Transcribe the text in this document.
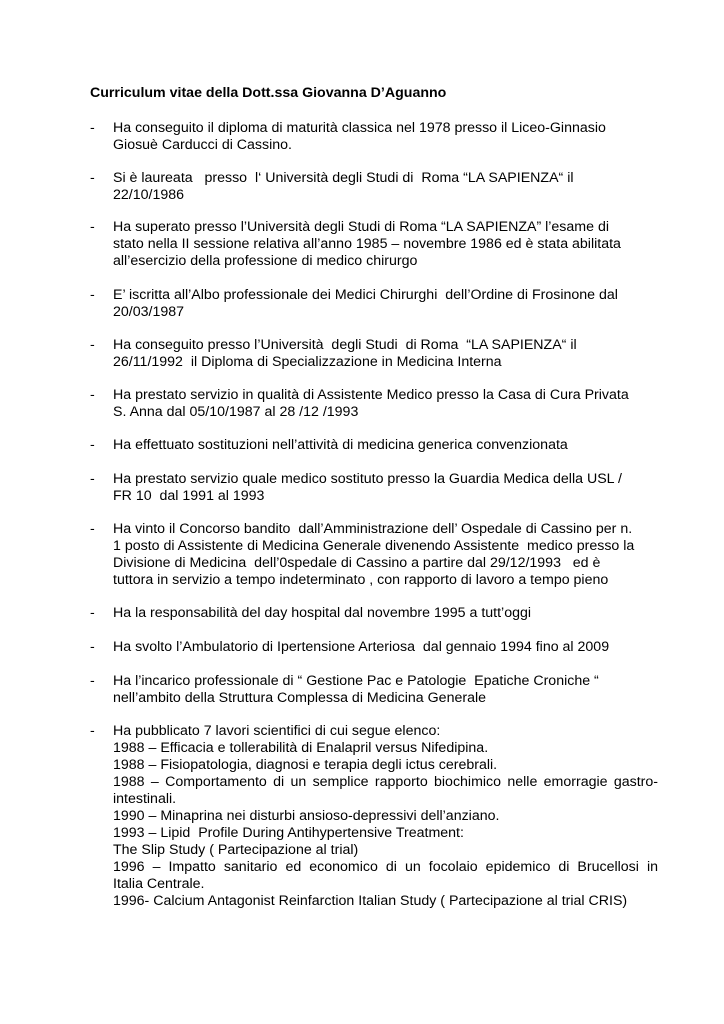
Curriculum vitae della Dott.ssa Giovanna D’Aguanno
- Ha conseguito il diploma di maturità classica nel 1978 presso il Liceo-Ginnasio
Giosuè Carducci di Cassino.
- Si è laureata   presso  l‘ Università degli Studi di  Roma “LA SAPIENZA“ il
22/10/1986
- Ha superato presso l’Università degli Studi di Roma “LA SAPIENZA” l’esame di
stato nella II sessione relativa all’anno 1985 – novembre 1986 ed è stata abilitata
all’esercizio della professione di medico chirurgo
- E’ iscritta all’Albo professionale dei Medici Chirurghi  dell’Ordine di Frosinone dal
20/03/1987
- Ha conseguito presso l’Università  degli Studi  di Roma  “LA SAPIENZA“ il
26/11/1992  il Diploma di Specializzazione in Medicina Interna
- Ha prestato servizio in qualità di Assistente Medico presso la Casa di Cura Privata
S. Anna dal 05/10/1987 al 28 /12 /1993
- Ha effettuato sostituzioni nell’attività di medicina generica convenzionata
- Ha prestato servizio quale medico sostituto presso la Guardia Medica della USL /
FR 10  dal 1991 al 1993
- Ha vinto il Concorso bandito  dall’Amministrazione dell’ Ospedale di Cassino per n.
1 posto di Assistente di Medicina Generale divenendo Assistente  medico presso la
Divisione di Medicina  dell’0spedale di Cassino a partire dal 29/12/1993   ed è
tuttora in servizio a tempo indeterminato , con rapporto di lavoro a tempo pieno
- Ha la responsabilità del day hospital dal novembre 1995 a tutt’oggi
- Ha svolto l’Ambulatorio di Ipertensione Arteriosa  dal gennaio 1994 fino al 2009
- Ha l’incarico professionale di “ Gestione Pac e Patologie  Epatiche Croniche “
nell’ambito della Struttura Complessa di Medicina Generale
- Ha pubblicato 7 lavori scientifici di cui segue elenco:
1988 – Efficacia e tollerabilità di Enalapril versus Nifedipina.
1988 – Fisiopatologia, diagnosi e terapia degli ictus cerebrali.
1988 – Comportamento di un semplice rapporto biochimico nelle emorragie gastro-
intestinali.
1990 – Minaprina nei disturbi ansioso-depressivi dell’anziano.
1993 – Lipid  Profile During Antihypertensive Treatment:
The Slip Study ( Partecipazione al trial)
1996 – Impatto sanitario ed economico di un focolaio epidemico di Brucellosi in
Italia Centrale.
1996- Calcium Antagonist Reinfarction Italian Study ( Partecipazione al trial CRIS)
